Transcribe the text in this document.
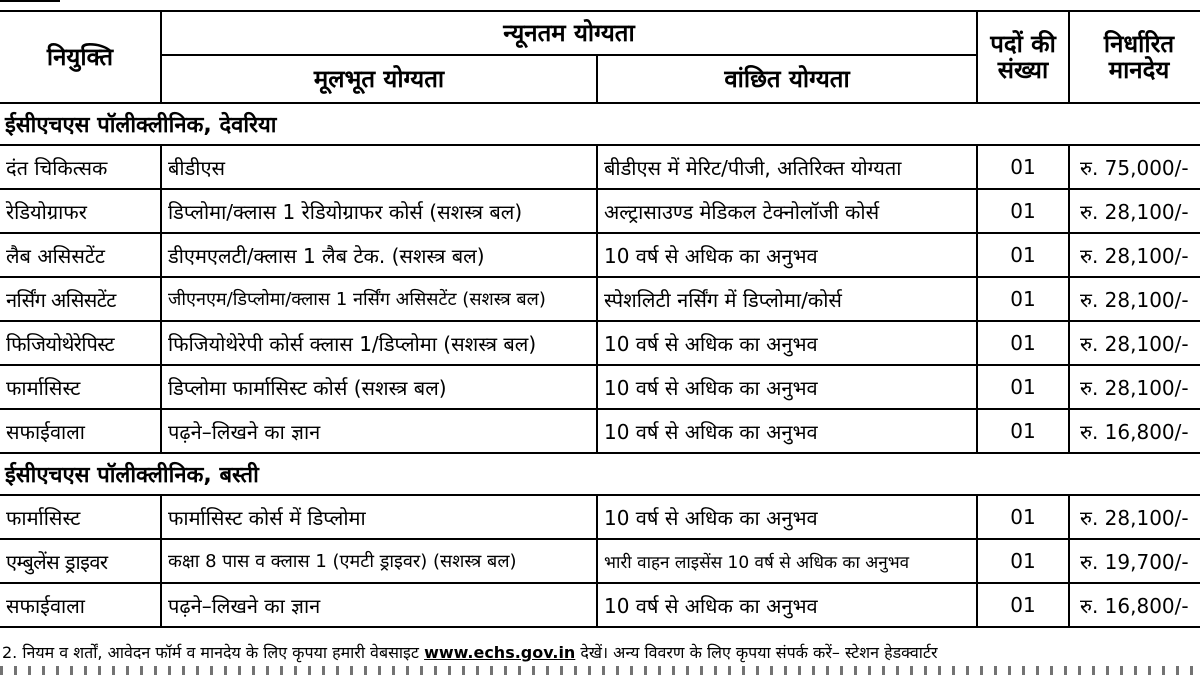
नियुक्ति	न्यूनतम योग्यता		पदों की संख्या	निर्धारित मानदेय
	मूलभूत योग्यता	वांछित योग्यता		
ईसीएचएस पॉलीक्लीनिक, देवरिया				
दंत चिकित्सक	बीडीएस	बीडीएस में मेरिट/पीजी, अतिरिक्त योग्यता	01	रु. 75,000/-
रेडियोग्राफर	डिप्लोमा/क्लास 1 रेडियोग्राफर कोर्स (सशस्त्र बल)	अल्ट्रासाउण्ड मेडिकल टेक्नोलॉजी कोर्स	01	रु. 28,100/-
लैब असिसटेंट	डीएमएलटी/क्लास 1 लैब टेक. (सशस्त्र बल)	10 वर्ष से अधिक का अनुभव	01	रु. 28,100/-
नर्सिंग असिसटेंट	जीएनएम/डिप्लोमा/क्लास 1 नर्सिंग असिसटेंट (सशस्त्र बल)	स्पेशलिटी नर्सिंग में डिप्लोमा/कोर्स	01	रु. 28,100/-
फिजियोथेरेपिस्ट	फिजियोथेरेपी कोर्स क्लास 1/डिप्लोमा (सशस्त्र बल)	10 वर्ष से अधिक का अनुभव	01	रु. 28,100/-
फार्मासिस्ट	डिप्लोमा फार्मासिस्ट कोर्स (सशस्त्र बल)	10 वर्ष से अधिक का अनुभव	01	रु. 28,100/-
सफाईवाला	पढ़ने–लिखने का ज्ञान	10 वर्ष से अधिक का अनुभव	01	रु. 16,800/-
ईसीएचएस पॉलीक्लीनिक, बस्ती				
फार्मासिस्ट	फार्मासिस्ट कोर्स में डिप्लोमा	10 वर्ष से अधिक का अनुभव	01	रु. 28,100/-
एम्बुलेंस ड्राइवर	कक्षा 8 पास व क्लास 1 (एमटी ड्राइवर) (सशस्त्र बल)	भारी वाहन लाइसेंस 10 वर्ष से अधिक का अनुभव	01	रु. 19,700/-
सफाईवाला	पढ़ने–लिखने का ज्ञान	10 वर्ष से अधिक का अनुभव	01	रु. 16,800/-
2. नियम व शर्तों, आवेदन फॉर्म व मानदेय के लिए कृपया हमारी वेबसाइट www.echs.gov.in देखें। अन्य विवरण के लिए कृपया संपर्क करें– स्टेशन हेडक्वार्टर
